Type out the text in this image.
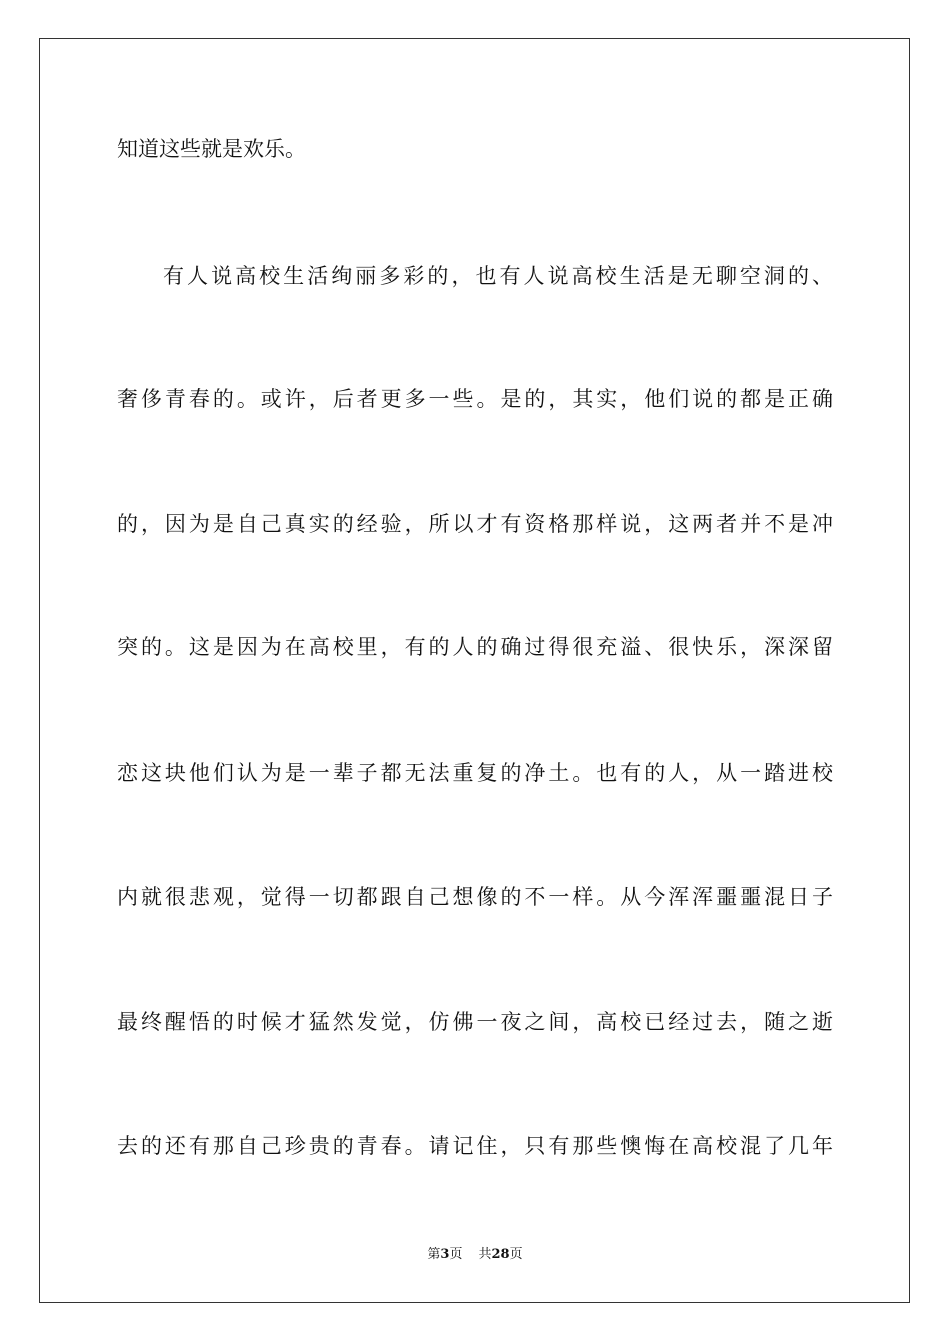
知道这些就是欢乐。
有人说高校生活绚丽多彩的，也有人说高校生活是无聊空洞的、
奢侈青春的。或许，后者更多一些。是的，其实，他们说的都是正确
的，因为是自己真实的经验，所以才有资格那样说，这两者并不是冲
突的。这是因为在高校里，有的人的确过得很充溢、很快乐，深深留
恋这块他们认为是一辈子都无法重复的净土。也有的人，从一踏进校
内就很悲观，觉得一切都跟自己想像的不一样。从今浑浑噩噩混日子
最终醒悟的时候才猛然发觉，仿佛一夜之间，高校已经过去，随之逝
去的还有那自己珍贵的青春。请记住，只有那些懊悔在高校混了几年
第3页 共28页
